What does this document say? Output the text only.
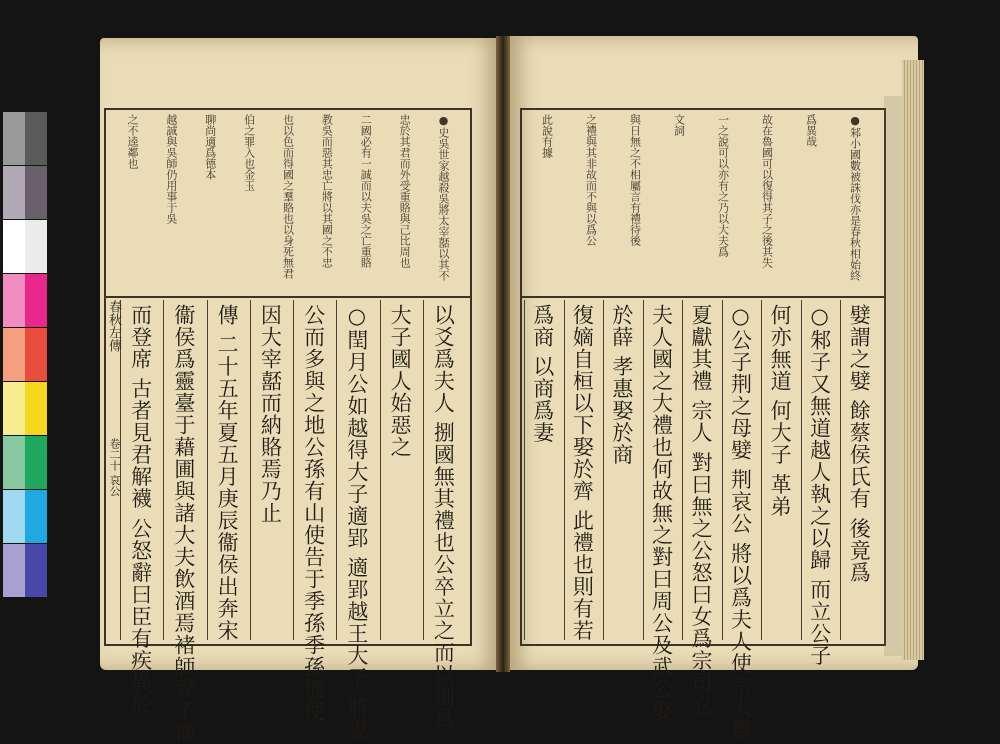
●史吳世家越殺吳將太宰嚭以其不
忠於其君而外受重賂與己比周也
二國必有一誠而以夫吳之亡重賂
教吳而惡其忠亡將以其國之不忠
也以色而得國之羣賂也以身死無君
伯之罪入也金玉
聊尚適爲德本
越誠與吳師仍用事于吳
之不逵鄰也
以爻爲夫人 捌國無其禮也公卒立之而以荆爲
大子國人始惡之
○閏月公如越得大子適郢 適郢越王大子 將妻
公而多與之地公孫有山使告于季孫季孫懼使
因大宰嚭而納賂焉乃止
傳 二十五年夏五月庚辰衞侯出奔宋
衞侯爲靈臺于藉圃與諸大夫飲酒焉褚師聲子襪
而登席 古者見君解襪 公怒辭曰臣有疾異於
春秋左傳
卷二十 哀公
●邾小國數被誅伐亦是春秋相始終
爲異哉
故在魯國可以復得其子之後其失
一之說可以亦有之乃以大夫爲
文詞
與日無之不相屬言有禮待後
之禮與其非故而不與以爲公
此說有據
嬖謂之嬖 餘蔡侯氏有 後竟爲
○邾子又無道越人執之以歸 而立公子
何亦無道 何大子 革弟
○公子荆之母嬖 荆哀公 將以爲夫人使宗人釁
夏獻其禮 宗人 對曰無之公怒曰女爲宗司立
夫人國之大禮也何故無之對曰周公及武公娶
於薛 孝惠娶於商
復嫡自桓以下娶於齊 此禮也則有若
爲商 以商爲妻
